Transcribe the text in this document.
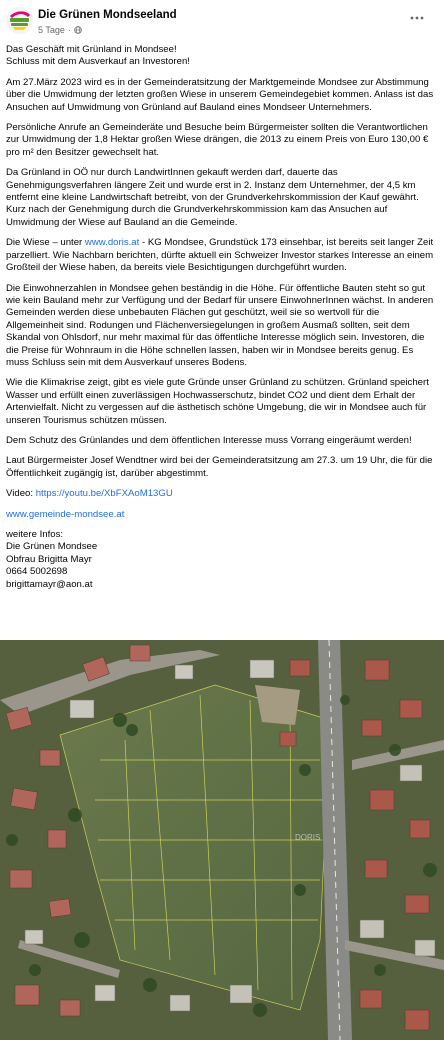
Die Grünen Mondseeland
5 Tage ·

Das Geschäft mit Grünland in Mondsee!
Schluss mit dem Ausverkauf an Investoren!

Am 27.März 2023 wird es in der Gemeinderatsitzung der Marktgemeinde Mondsee zur Abstimmung über die Umwidmung der letzten großen Wiese in unserem Gemeindegebiet kommen. Anlass ist das Ansuchen auf Umwidmung von Grünland auf Bauland eines Mondseer Unternehmers.

Persönliche Anrufe an Gemeinderäte und Besuche beim Bürgermeister sollten die Verantwortlichen zur Umwidmung der 1,8 Hektar großen Wiese drängen, die 2013 zu einem Preis von Euro 130,00 € pro m² den Besitzer gewechselt hat.

Da Grünland in OÖ nur durch LandwirtInnen gekauft werden darf, dauerte das Genehmigungsverfahren längere Zeit und wurde erst in 2. Instanz dem Unternehmer, der 4,5 km entfernt eine kleine Landwirtschaft betreibt, von der Grundverkehrskommission der Kauf gewährt. Kurz nach der Genehmigung durch die Grundverkehrskommission kam das Ansuchen auf Umwidmung der Wiese auf Bauland an die Gemeinde.

Die Wiese – unter www.doris.at - KG Mondsee, Grundstück 173 einsehbar, ist bereits seit langer Zeit parzelliert. Wie Nachbarn berichten, dürfte aktuell ein Schweizer Investor starkes Interesse an einem Großteil der Wiese haben, da bereits viele Besichtigungen durchgeführt wurden.

Die Einwohnerzahlen in Mondsee gehen beständig in die Höhe. Für öffentliche Bauten steht so gut wie kein Bauland mehr zur Verfügung und der Bedarf für unsere EinwohnerInnen wächst. In anderen Gemeinden werden diese unbebauten Flächen gut geschützt, weil sie so wertvoll für die Allgemeinheit sind. Rodungen und Flächenversiegelungen in großem Ausmaß sollten, seit dem Skandal von Ohlsdorf, nur mehr maximal für das öffentliche Interesse möglich sein. Investoren, die die Preise für Wohnraum in die Höhe schnellen lassen, haben wir in Mondsee bereits genug. Es muss Schluss sein mit dem Ausverkauf unseres Bodens.

Wie die Klimakrise zeigt, gibt es viele gute Gründe unser Grünland zu schützen. Grünland speichert Wasser und erfüllt einen zuverlässigen Hochwasserschutz, bindet CO2 und dient dem Erhalt der Artenvielfalt. Nicht zu vergessen auf die ästhetisch schöne Umgebung, die wir in Mondsee auch für unseren Tourismus schützen müssen.

Dem Schutz des Grünlandes und dem öffentlichen Interesse muss Vorrang eingeräumt werden!

Laut Bürgermeister Josef Wendtner wird bei der Gemeinderatsitzung am 27.3. um 19 Uhr, die für die Öffentlichkeit zugängig ist, darüber abgestimmt.

Video: https://youtu.be/XbFXAoM13GU

www.gemeinde-mondsee.at

weitere Infos:

Die Grünen Mondsee

Obfrau Brigitta Mayr

0664 5002698

brigittamayr@aon.at

DORIS
